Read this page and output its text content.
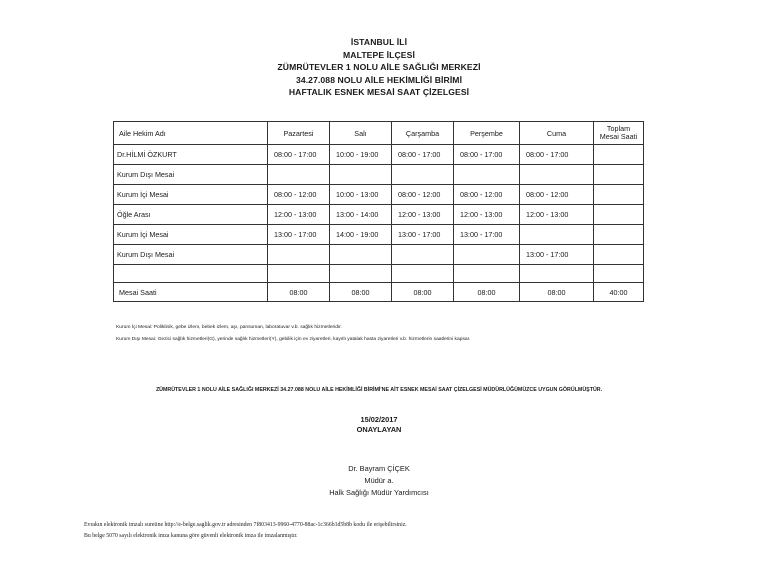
İSTANBUL İLİ
MALTEPE İLÇESİ
ZÜMRÜTEVLER 1 NOLU AİLE SAĞLIĞI MERKEZİ
34.27.088 NOLU AİLE HEKİMLİĞİ BİRİMİ
HAFTALIK ESNEK MESAİ SAAT ÇİZELGESİ
Aile Hekim Adı	Pazartesi	Salı	Çarşamba	Perşembe	Cuma	Toplam Mesai Saati
Dr.HİLMİ ÖZKURT	08:00 - 17:00	10:00 - 19:00	08:00 - 17:00	08:00 - 17:00	08:00 - 17:00	
Kurum Dışı Mesai						
Kurum İçi Mesai	08:00 - 12:00	10:00 - 13:00	08:00 - 12:00	08:00 - 12:00	08:00 - 12:00	
Öğle Arası	12:00 - 13:00	13:00 - 14:00	12:00 - 13:00	12:00 - 13:00	12:00 - 13:00	
Kurum İçi Mesai	13:00 - 17:00	14:00 - 19:00	13:00 - 17:00	13:00 - 17:00		
Kurum Dışı Mesai					13:00 - 17:00	

Mesai Saati	08:00	08:00	08:00	08:00	08:00	40:00
Kurum İçi Mesai: Poliklinik, gebe izlem, bebek izlem, aşı, pansuman, laboratuvar v.b. sağlık hizmetleridir.
Kurum Dışı Mesai: Gezici sağlık hizmetleri(G), yerinde sağlık hizmetleri(Y), gebilik için ev ziyaretleri, kayıtlı yatalak hasta ziyaretleri v.b. hizmetlerin saatlerini kapsar.
ZÜMRÜTEVLER 1 NOLU AİLE SAĞLIĞI MERKEZİ 34.27.088 NOLU AİLE HEKİMLİĞİ BİRİMİ'NE AİT ESNEK MESAİ SAAT ÇİZELGESİ MÜDÜRLÜĞÜMÜZCE UYGUN GÖRÜLMÜŞTÜR.
15/02/2017
ONAYLAYAN
Dr. Bayram ÇİÇEK
Müdür a.
Halk Sağlığı Müdür Yardımcısı
Evrakın elektronik imzalı suretine http://e-belge.saglik.gov.tr adresinden 7f803413-9960-4770-88ac-1c366b1d5b8b kodu ile erişebilirsiniz.
Bu belge 5070 sayılı elektronik imza kanuna göre güvenli elektronik imza ile imzalanmıştır.
